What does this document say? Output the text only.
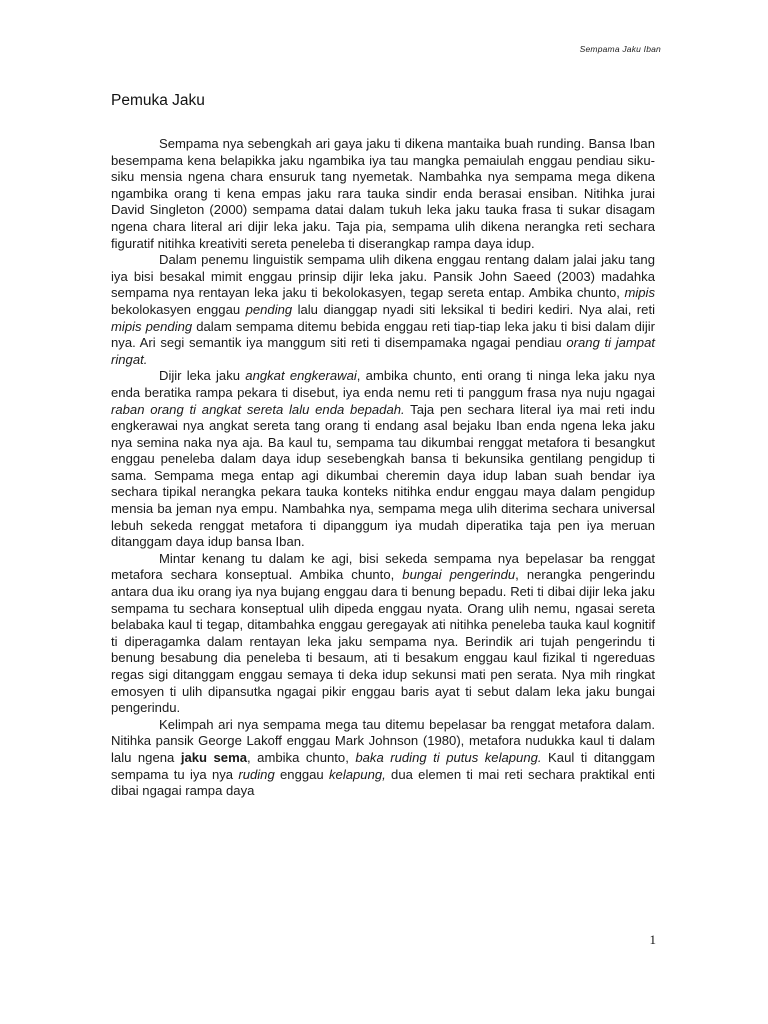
Sempama Jaku Iban
Pemuka Jaku

Sempama nya sebengkah ari gaya jaku ti dikena mantaika buah runding. Bansa Iban besempama kena belapikka jaku ngambika iya tau mangka pemaiulah enggau pendiau siku-siku mensia ngena chara ensuruk tang nyemetak. Nambahka nya sempama mega dikena ngambika orang ti kena empas jaku rara tauka sindir enda berasai ensiban. Nitihka jurai David Singleton (2000) sempama datai dalam tukuh leka jaku tauka frasa ti sukar disagam ngena chara literal ari dijir leka jaku. Taja pia, sempama ulih dikena nerangka reti sechara figuratif nitihka kreativiti sereta peneleba ti diserangkap rampa daya idup.

Dalam penemu linguistik sempama ulih dikena enggau rentang dalam jalai jaku tang iya bisi besakal mimit enggau prinsip dijir leka jaku. Pansik John Saeed (2003) madahka sempama nya rentayan leka jaku ti bekolokasyen, tegap sereta entap. Ambika chunto, mipis bekolokasyen enggau pending lalu dianggap nyadi siti leksikal ti bediri kediri. Nya alai, reti mipis pending dalam sempama ditemu bebida enggau reti tiap-tiap leka jaku ti bisi dalam dijir nya. Ari segi semantik iya manggum siti reti ti disempamaka ngagai pendiau orang ti jampat ringat.

Dijir leka jaku angkat engkerawai, ambika chunto, enti orang ti ninga leka jaku nya enda beratika rampa pekara ti disebut, iya enda nemu reti ti panggum frasa nya nuju ngagai raban orang ti angkat sereta lalu enda bepadah. Taja pen sechara literal iya mai reti indu engkerawai nya angkat sereta tang orang ti endang asal bejaku Iban enda ngena leka jaku nya semina naka nya aja. Ba kaul tu, sempama tau dikumbai renggat metafora ti besangkut enggau peneleba dalam daya idup sesebengkah bansa ti bekunsika gentilang pengidup ti sama. Sempama mega entap agi dikumbai cheremin daya idup laban suah bendar iya sechara tipikal nerangka pekara tauka konteks nitihka endur enggau maya dalam pengidup mensia ba jeman nya empu. Nambahka nya, sempama mega ulih diterima sechara universal lebuh sekeda renggat metafora ti dipanggum iya mudah diperatika taja pen iya meruan ditanggam daya idup bansa Iban.

Mintar kenang tu dalam ke agi, bisi sekeda sempama nya bepelasar ba renggat metafora sechara konseptual. Ambika chunto, bungai pengerindu, nerangka pengerindu antara dua iku orang iya nya bujang enggau dara ti benung bepadu. Reti ti dibai dijir leka jaku sempama tu sechara konseptual ulih dipeda enggau nyata. Orang ulih nemu, ngasai sereta belabaka kaul ti tegap, ditambahka enggau geregayak ati nitihka peneleba tauka kaul kognitif ti diperagamka dalam rentayan leka jaku sempama nya. Berindik ari tujah pengerindu ti benung besabung dia peneleba ti besaum, ati ti besakum enggau kaul fizikal ti ngereduas regas sigi ditanggam enggau semaya ti deka idup sekunsi mati pen serata. Nya mih ringkat emosyen ti ulih dipansutka ngagai pikir enggau baris ayat ti sebut dalam leka jaku bungai pengerindu.

Kelimpah ari nya sempama mega tau ditemu bepelasar ba renggat metafora dalam. Nitihka pansik George Lakoff enggau Mark Johnson (1980), metafora nudukka kaul ti dalam lalu ngena jaku sema, ambika chunto, baka ruding ti putus kelapung. Kaul ti ditanggam sempama tu iya nya ruding enggau kelapung, dua elemen ti mai reti sechara praktikal enti dibai ngagai rampa daya

1
